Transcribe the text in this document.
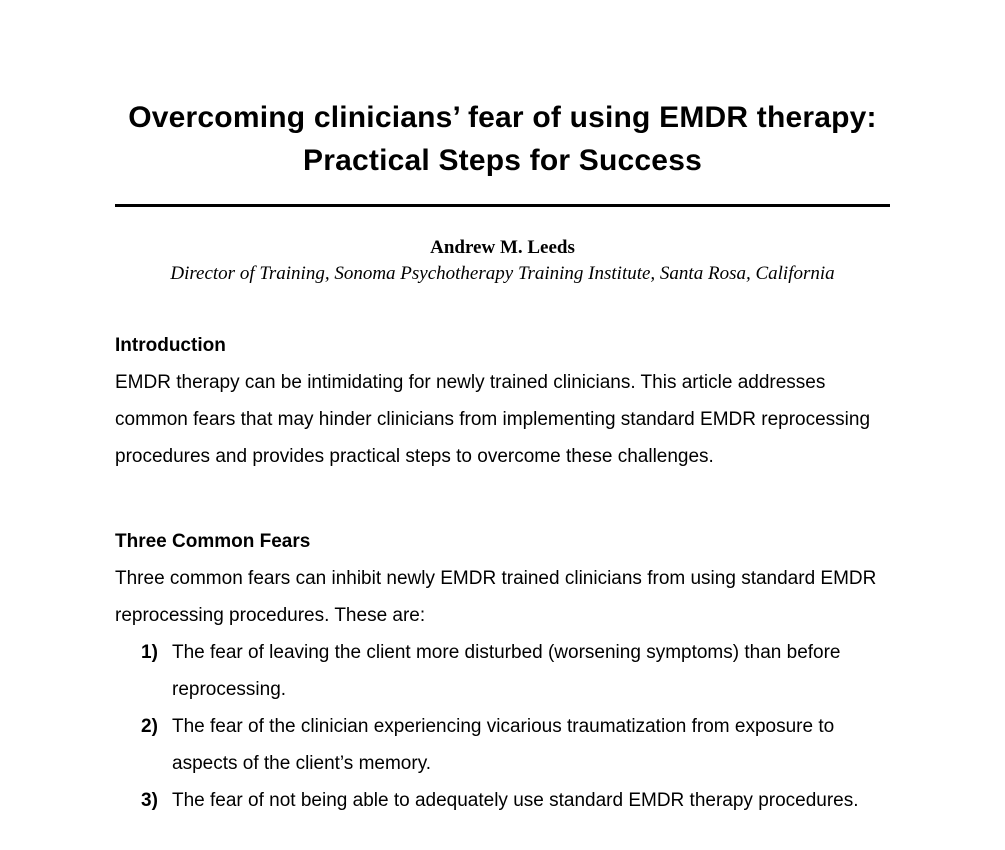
Overcoming clinicians’ fear of using EMDR therapy:
Practical Steps for Success
Andrew M. Leeds
Director of Training, Sonoma Psychotherapy Training Institute, Santa Rosa, California
Introduction

EMDR therapy can be intimidating for newly trained clinicians. This article addresses common fears that may hinder clinicians from implementing standard EMDR reprocessing procedures and provides practical steps to overcome these challenges.

Three Common Fears

Three common fears can inhibit newly EMDR trained clinicians from using standard EMDR reprocessing procedures. These are:

1) The fear of leaving the client more disturbed (worsening symptoms) than before reprocessing.
2) The fear of the clinician experiencing vicarious traumatization from exposure to aspects of the client’s memory.
3) The fear of not being able to adequately use standard EMDR therapy procedures.
